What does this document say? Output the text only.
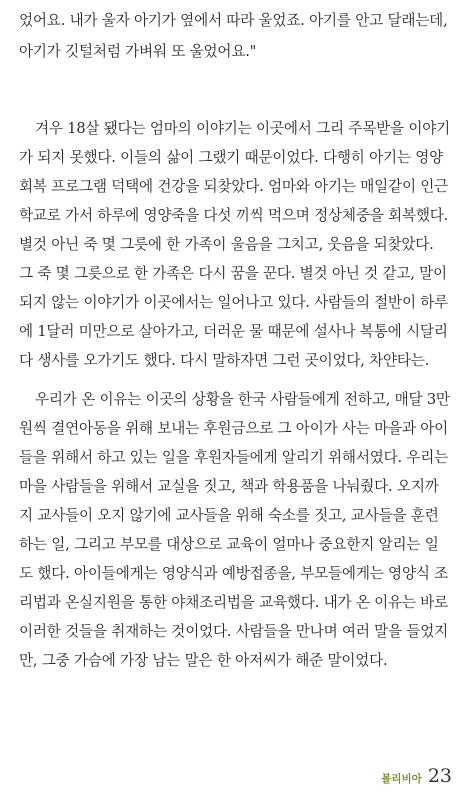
었어요. 내가 울자 아기가 옆에서 따라 울었죠. 아기를 안고 달래는데,
아기가 깃털처럼 가벼워 또 울었어요."
겨우 18살 됐다는 엄마의 이야기는 이곳에서 그리 주목받을 이야기
가 되지 못했다. 이들의 삶이 그랬기 때문이었다. 다행히 아기는 영양
회복 프로그램 덕택에 건강을 되찾았다. 엄마와 아기는 매일같이 인근
학교로 가서 하루에 영양죽을 다섯 끼씩 먹으며 정상체중을 회복했다.
별것 아닌 죽 몇 그릇에 한 가족이 울음을 그치고, 웃음을 되찾았다.
그 죽 몇 그릇으로 한 가족은 다시 꿈을 꾼다. 별것 아닌 것 같고, 말이
되지 않는 이야기가 이곳에서는 일어나고 있다. 사람들의 절반이 하루
에 1달러 미만으로 살아가고, 더러운 물 때문에 설사나 복통에 시달리
다 생사를 오가기도 했다. 다시 말하자면 그런 곳이었다, 차얀타는.
우리가 온 이유는 이곳의 상황을 한국 사람들에게 전하고, 매달 3만
원씩 결연아동을 위해 보내는 후원금으로 그 아이가 사는 마을과 아이
들을 위해서 하고 있는 일을 후원자들에게 알리기 위해서였다. 우리는
마을 사람들을 위해서 교실을 짓고, 책과 학용품을 나눠줬다. 오지까
지 교사들이 오지 않기에 교사들을 위해 숙소를 짓고, 교사들을 훈련
하는 일, 그리고 부모를 대상으로 교육이 얼마나 중요한지 알리는 일
도 했다. 아이들에게는 영양식과 예방접종을, 부모들에게는 영양식 조
리법과 온실지원을 통한 야채조리법을 교육했다. 내가 온 이유는 바로
이러한 것들을 취재하는 것이었다. 사람들을 만나며 여러 말을 들었지
만, 그중 가슴에 가장 남는 말은 한 아저씨가 해준 말이었다.
볼리비아 23
